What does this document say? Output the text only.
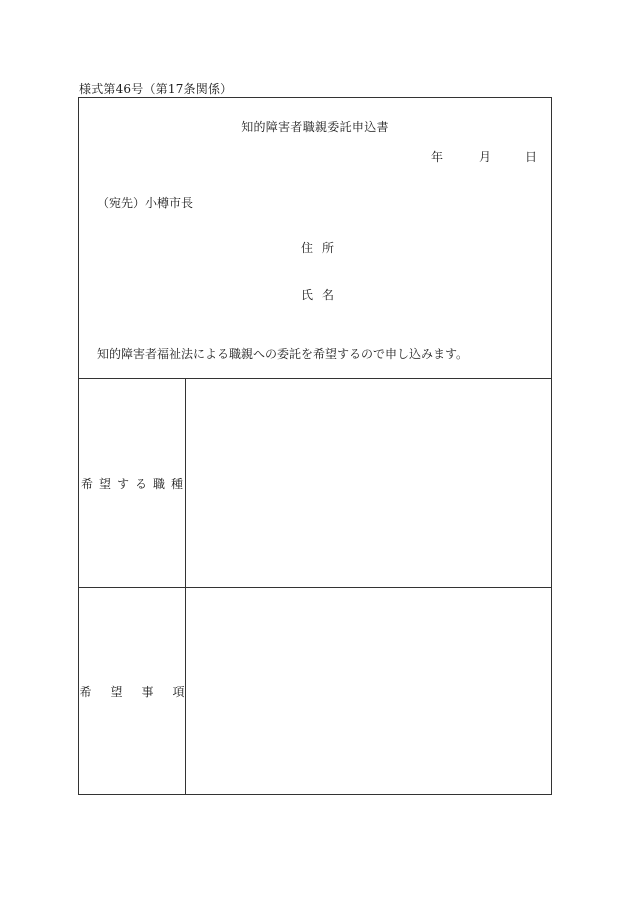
様式第46号（第17条関係）
知的障害者職親委託申込書
年	月	日
（宛先）小樽市長
住所
氏名
知的障害者福祉法による職親への委託を希望するので申し込みます。
希望する職種
希望事項
